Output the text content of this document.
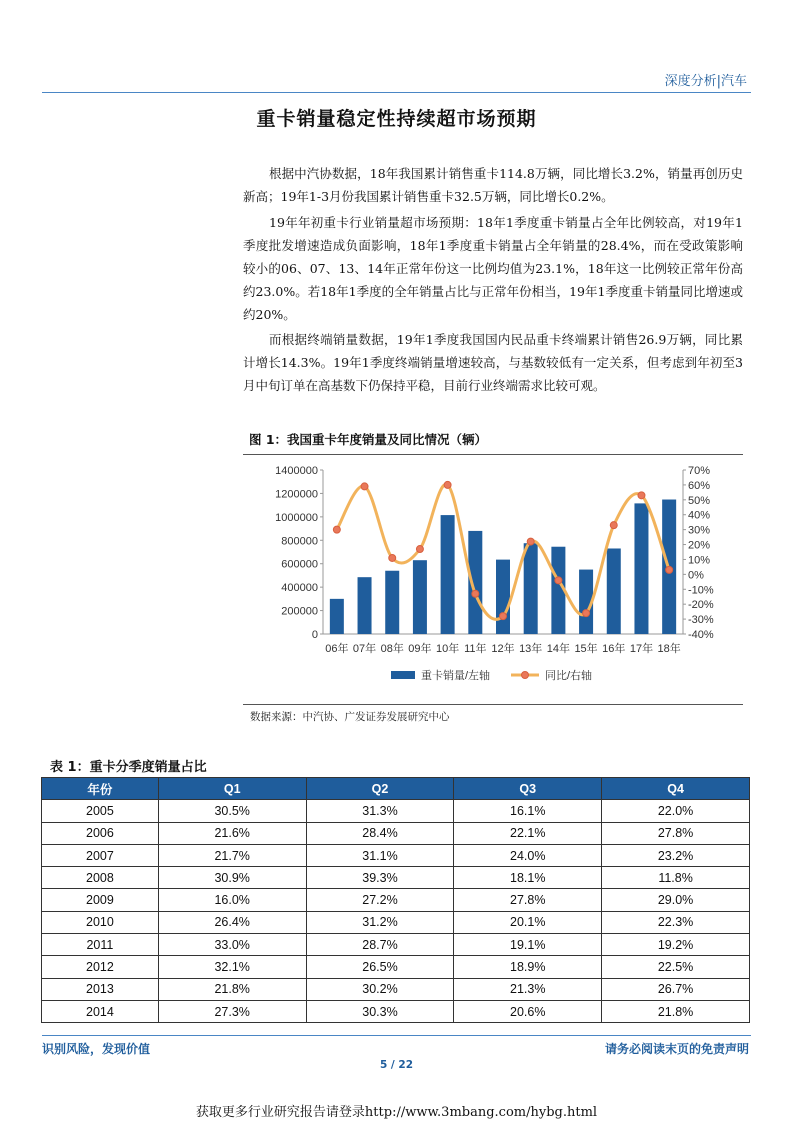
深度分析|汽车
重卡销量稳定性持续超市场预期
根据中汽协数据，18年我国累计销售重卡114.8万辆，同比增长3.2%，销量再创历史新高；19年1-3月份我国累计销售重卡32.5万辆，同比增长0.2%。
19年年初重卡行业销量超市场预期：18年1季度重卡销量占全年比例较高，对19年1季度批发增速造成负面影响，18年1季度重卡销量占全年销量的28.4%，而在受政策影响较小的06、07、13、14年正常年份这一比例均值为23.1%，18年这一比例较正常年份高约23.0%。若18年1季度的全年销量占比与正常年份相当，19年1季度重卡销量同比增速或约20%。
而根据终端销量数据，19年1季度我国国内民品重卡终端累计销售26.9万辆，同比累计增长14.3%。19年1季度终端销量增速较高，与基数较低有一定关系，但考虑到年初至3月中旬订单在高基数下仍保持平稳，目前行业终端需求比较可观。
图 1：我国重卡年度销量及同比情况（辆）
0
200000
400000
600000
800000
1000000
1200000
1400000
-40%
-30%
-20%
-10%
0%
10%
20%
30%
40%
50%
60%
70%
06年 07年 08年 09年 10年 11年 12年 13年 14年 15年 16年 17年 18年
重卡销量/左轴	同比/右轴
数据来源：中汽协、广发证券发展研究中心
表 1：重卡分季度销量占比
年份	Q1	Q2	Q3	Q4
2005	30.5%	31.3%	16.1%	22.0%
2006	21.6%	28.4%	22.1%	27.8%
2007	21.7%	31.1%	24.0%	23.2%
2008	30.9%	39.3%	18.1%	11.8%
2009	16.0%	27.2%	27.8%	29.0%
2010	26.4%	31.2%	20.1%	22.3%
2011	33.0%	28.7%	19.1%	19.2%
2012	32.1%	26.5%	18.9%	22.5%
2013	21.8%	30.2%	21.3%	26.7%
2014	27.3%	30.3%	20.6%	21.8%
识别风险，发现价值	请务必阅读末页的免责声明
5 / 22
获取更多行业研究报告请登录http://www.3mbang.com/hybg.html
